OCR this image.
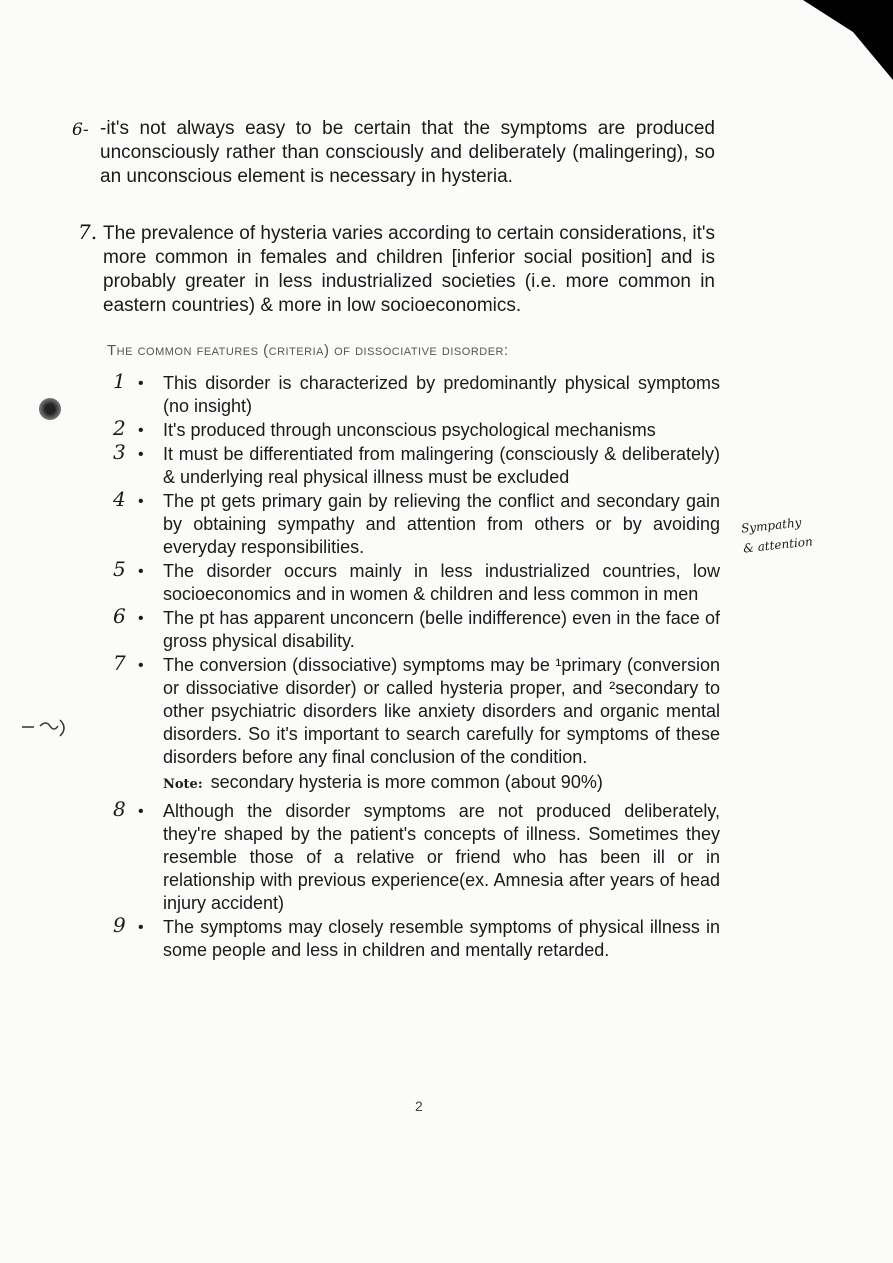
6- -it's not always easy to be certain that the symptoms are produced unconsciously rather than consciously and deliberately (malingering), so an unconscious element is necessary in hysteria.
7. The prevalence of hysteria varies according to certain considerations, it's more common in females and children [inferior social position] and is probably greater in less industrialized societies (i.e. more common in eastern countries) & more in low socioeconomics.
The common features (criteria) of dissociative disorder:
1 • This disorder is characterized by predominantly physical symptoms (no insight)
2 • It's produced through unconscious psychological mechanisms
3 • It must be differentiated from malingering (consciously & deliberately) & underlying real physical illness must be excluded
4 • The pt gets primary gain by relieving the conflict and secondary gain by obtaining sympathy and attention from others or by avoiding everyday responsibilities.
5 • The disorder occurs mainly in less industrialized countries, low socioeconomics and in women & children and less common in men
6 • The pt has apparent unconcern (belle indifference) even in the face of gross physical disability.
7 • The conversion (dissociative) symptoms may be ¹primary (conversion or dissociative disorder) or called hysteria proper, and ²secondary to other psychiatric disorders like anxiety disorders and organic mental disorders. So it's important to search carefully for symptoms of these disorders before any final conclusion of the condition.
Note: secondary hysteria is more common (about 90%)
8 • Although the disorder symptoms are not produced deliberately, they're shaped by the patient's concepts of illness. Sometimes they resemble those of a relative or friend who has been ill or in relationship with previous experience(ex. Amnesia after years of head injury accident)
9 • The symptoms may closely resemble symptoms of physical illness in some people and less in children and mentally retarded.
Sympathy
& attention
2
